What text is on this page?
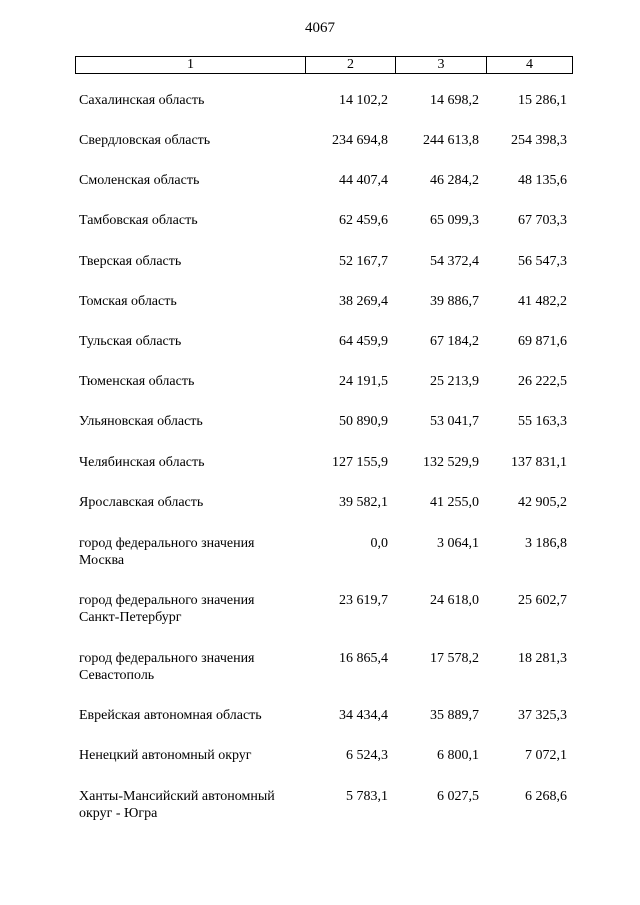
4067
1	2	3	4
Сахалинская область	14 102,2	14 698,2	15 286,1
Свердловская область	234 694,8	244 613,8	254 398,3
Смоленская область	44 407,4	46 284,2	48 135,6
Тамбовская область	62 459,6	65 099,3	67 703,3
Тверская область	52 167,7	54 372,4	56 547,3
Томская область	38 269,4	39 886,7	41 482,2
Тульская область	64 459,9	67 184,2	69 871,6
Тюменская область	24 191,5	25 213,9	26 222,5
Ульяновская область	50 890,9	53 041,7	55 163,3
Челябинская область	127 155,9	132 529,9	137 831,1
Ярославская область	39 582,1	41 255,0	42 905,2
город федерального значения
Москва
0,0	3 064,1	3 186,8
город федерального значения
Санкт-Петербург
23 619,7	24 618,0	25 602,7
город федерального значения
Севастополь
16 865,4	17 578,2	18 281,3
Еврейская автономная область	34 434,4	35 889,7	37 325,3
Ненецкий автономный округ	6 524,3	6 800,1	7 072,1
Ханты-Мансийский автономный
округ - Югра
5 783,1	6 027,5	6 268,6
